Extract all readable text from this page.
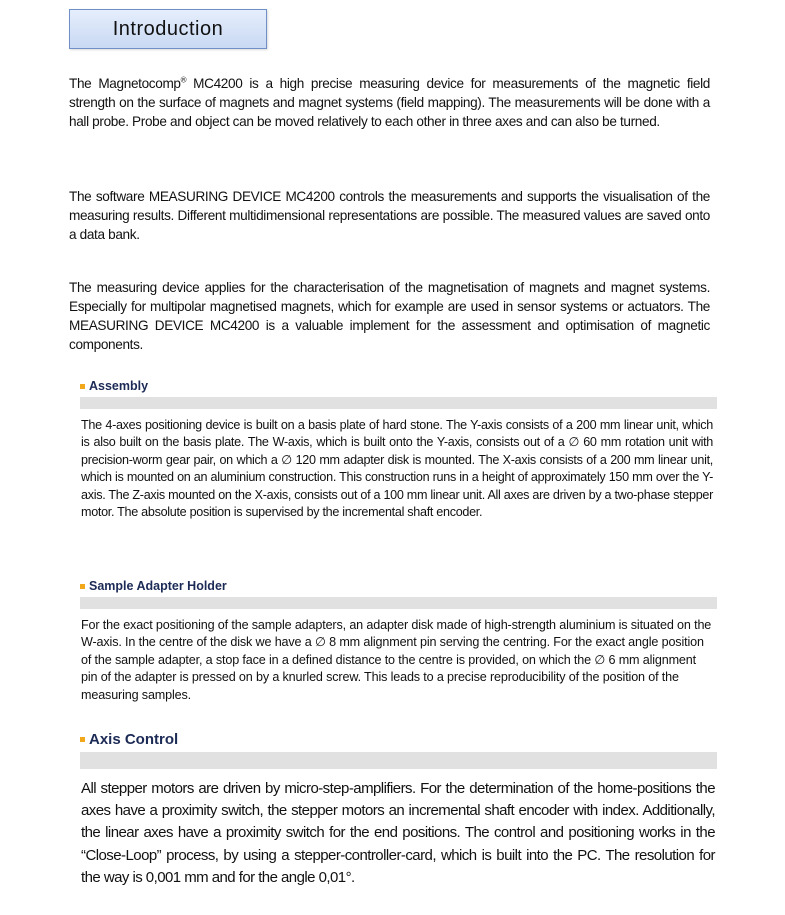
Introduction

The Magnetocomp® MC4200 is a high precise measuring device for measurements of the magnetic field strength on the surface of magnets and magnet systems (field mapping). The measurements will be done with a hall probe. Probe and object can be moved relatively to each other in three axes and can also be turned.

The software MEASURING DEVICE MC4200 controls the measurements and supports the visualisation of the measuring results. Different multidimensional representations are possible. The measured values are saved onto a data bank.

The measuring device applies for the characterisation of the magnetisation of magnets and magnet systems. Especially for multipolar magnetised magnets, which for example are used in sensor systems or actuators. The MEASURING DEVICE MC4200 is a valuable implement for the assessment and optimisation of magnetic components.

Assembly

The 4-axes positioning device is built on a basis plate of hard stone. The Y-axis consists of a 200 mm linear unit, which is also built on the basis plate. The W-axis, which is built onto the Y-axis, consists out of a ∅ 60 mm rotation unit with precision-worm gear pair, on which a ∅ 120 mm adapter disk is mounted. The X-axis consists of a 200 mm linear unit, which is mounted on an aluminium construction. This construction runs in a height of approximately 150 mm over the Y-axis. The Z-axis mounted on the X-axis, consists out of a 100 mm linear unit. All axes are driven by a two-phase stepper motor. The absolute position is supervised by the incremental shaft encoder.

Sample Adapter Holder

For the exact positioning of the sample adapters, an adapter disk made of high-strength aluminium is situated on the W-axis. In the centre of the disk we have a ∅ 8 mm alignment pin serving the centring. For the exact angle position of the sample adapter, a stop face in a defined distance to the centre is provided, on which the ∅ 6 mm alignment pin of the adapter is pressed on by a knurled screw. This leads to a precise reproducibility of the position of the measuring samples.

Axis Control

All stepper motors are driven by micro-step-amplifiers. For the determination of the home-positions the axes have a proximity switch, the stepper motors an incremental shaft encoder with index. Additionally, the linear axes have a proximity switch for the end positions. The control and positioning works in the “Close-Loop” process, by using a stepper-controller-card, which is built into the PC. The resolution for the way is 0,001 mm and for the angle 0,01°.
